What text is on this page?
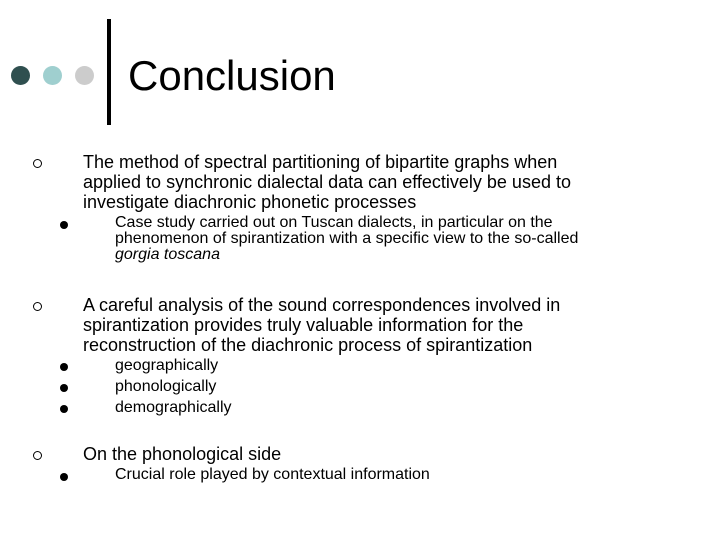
Conclusion
The method of spectral partitioning of bipartite graphs when
applied to synchronic dialectal data can effectively be used to
investigate diachronic phonetic processes
Case study carried out on Tuscan dialects, in particular on the
phenomenon of spirantization with a specific view to the so-called
gorgia toscana
A careful analysis of the sound correspondences involved in
spirantization provides truly valuable information for the
reconstruction of the diachronic process of spirantization
geographically
phonologically
demographically
On the phonological side
Crucial role played by contextual information
